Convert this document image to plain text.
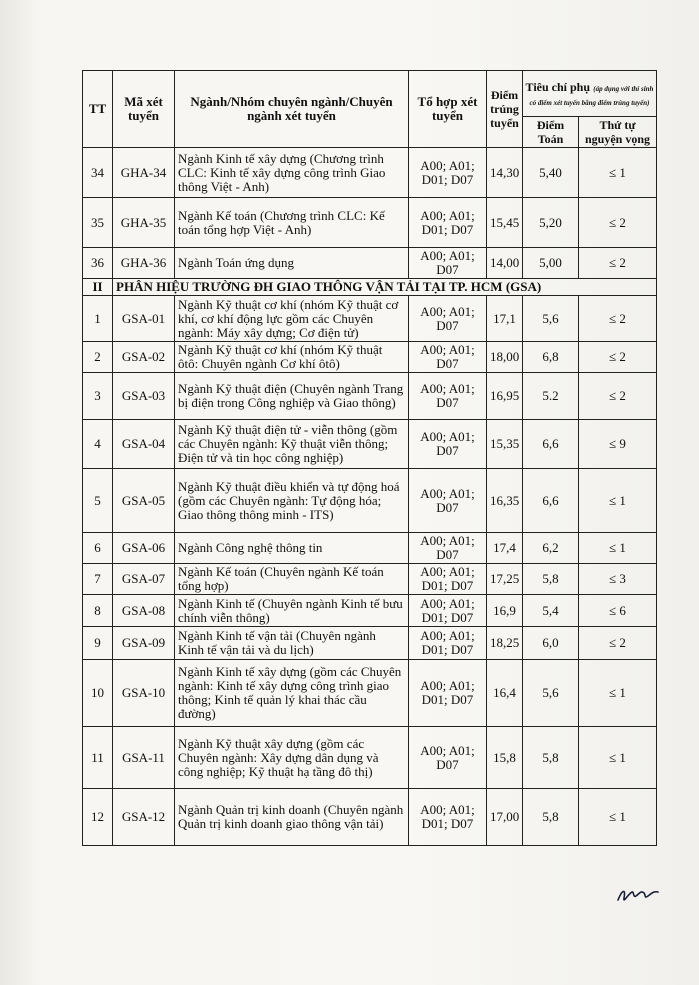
TT	Mã xét tuyển	Ngành/Nhóm chuyên ngành/Chuyên ngành xét tuyển	Tổ hợp xét tuyển	Điểm trúng tuyển	Tiêu chí phụ (áp dụng với thí sinh có điểm xét tuyển bằng điểm trúng tuyển)	
					Điểm Toán	Thứ tự nguyện vọng
34	GHA-34	Ngành Kinh tế xây dựng (Chương trình CLC: Kinh tế xây dựng công trình Giao thông Việt - Anh)	A00; A01; D01; D07	14,30	5,40	≤ 1
35	GHA-35	Ngành Kế toán (Chương trình CLC: Kế toán tổng hợp Việt - Anh)	A00; A01; D01; D07	15,45	5,20	≤ 2
36	GHA-36	Ngành Toán ứng dụng	A00; A01; D07	14,00	5,00	≤ 2
II	PHÂN HIỆU TRƯỜNG ĐH GIAO THÔNG VẬN TẢI TẠI TP. HCM (GSA)					
1	GSA-01	Ngành Kỹ thuật cơ khí (nhóm Kỹ thuật cơ khí, cơ khí động lực gồm các Chuyên ngành: Máy xây dựng; Cơ điện tử)	A00; A01; D07	17,1	5,6	≤ 2
2	GSA-02	Ngành Kỹ thuật cơ khí (nhóm Kỹ thuật ôtô: Chuyên ngành Cơ khí ôtô)	A00; A01; D07	18,00	6,8	≤ 2
3	GSA-03	Ngành Kỹ thuật điện (Chuyên ngành Trang bị điện trong Công nghiệp và Giao thông)	A00; A01; D07	16,95	5.2	≤ 2
4	GSA-04	Ngành Kỹ thuật điện tử - viễn thông (gồm các Chuyên ngành: Kỹ thuật viễn thông; Điện tử và tin học công nghiệp)	A00; A01; D07	15,35	6,6	≤ 9
5	GSA-05	Ngành Kỹ thuật điều khiển và tự động hoá (gồm các Chuyên ngành: Tự động hóa; Giao thông thông minh - ITS)	A00; A01; D07	16,35	6,6	≤ 1
6	GSA-06	Ngành Công nghệ thông tin	A00; A01; D07	17,4	6,2	≤ 1
7	GSA-07	Ngành Kế toán (Chuyên ngành Kế toán tổng hợp)	A00; A01; D01; D07	17,25	5,8	≤ 3
8	GSA-08	Ngành Kinh tế (Chuyên ngành Kinh tế bưu chính viễn thông)	A00; A01; D01; D07	16,9	5,4	≤ 6
9	GSA-09	Ngành Kinh tế vận tải (Chuyên ngành Kinh tế vận tải và du lịch)	A00; A01; D01; D07	18,25	6,0	≤ 2
10	GSA-10	Ngành Kinh tế xây dựng (gồm các Chuyên ngành: Kinh tế xây dựng công trình giao thông; Kinh tế quản lý khai thác cầu đường)	A00; A01; D01; D07	16,4	5,6	≤ 1
11	GSA-11	Ngành Kỹ thuật xây dựng (gồm các Chuyên ngành: Xây dựng dân dụng và công nghiệp; Kỹ thuật hạ tầng đô thị)	A00; A01; D07	15,8	5,8	≤ 1
12	GSA-12	Ngành Quản trị kinh doanh (Chuyên ngành Quản trị kinh doanh giao thông vận tải)	A00; A01; D01; D07	17,00	5,8	≤ 1
